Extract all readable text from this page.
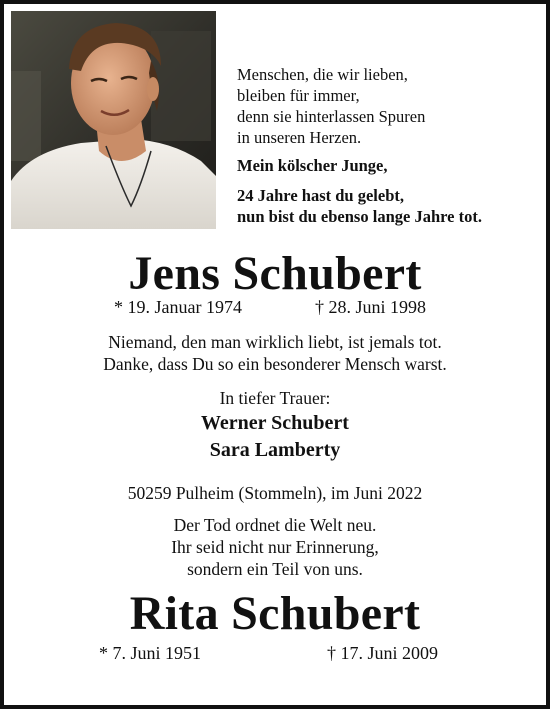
Menschen, die wir lieben,
bleiben für immer,
denn sie hinterlassen Spuren
in unseren Herzen.
Mein kölscher Junge,
24 Jahre hast du gelebt,
nun bist du ebenso lange Jahre tot.
Jens Schubert
* 19. Januar 1974	† 28. Juni 1998
Niemand, den man wirklich liebt, ist jemals tot.
Danke, dass Du so ein besonderer Mensch warst.
In tiefer Trauer:
Werner Schubert
Sara Lamberty
50259 Pulheim (Stommeln), im Juni 2022
Der Tod ordnet die Welt neu.
Ihr seid nicht nur Erinnerung,
sondern ein Teil von uns.
Rita Schubert
* 7. Juni 1951	† 17. Juni 2009
